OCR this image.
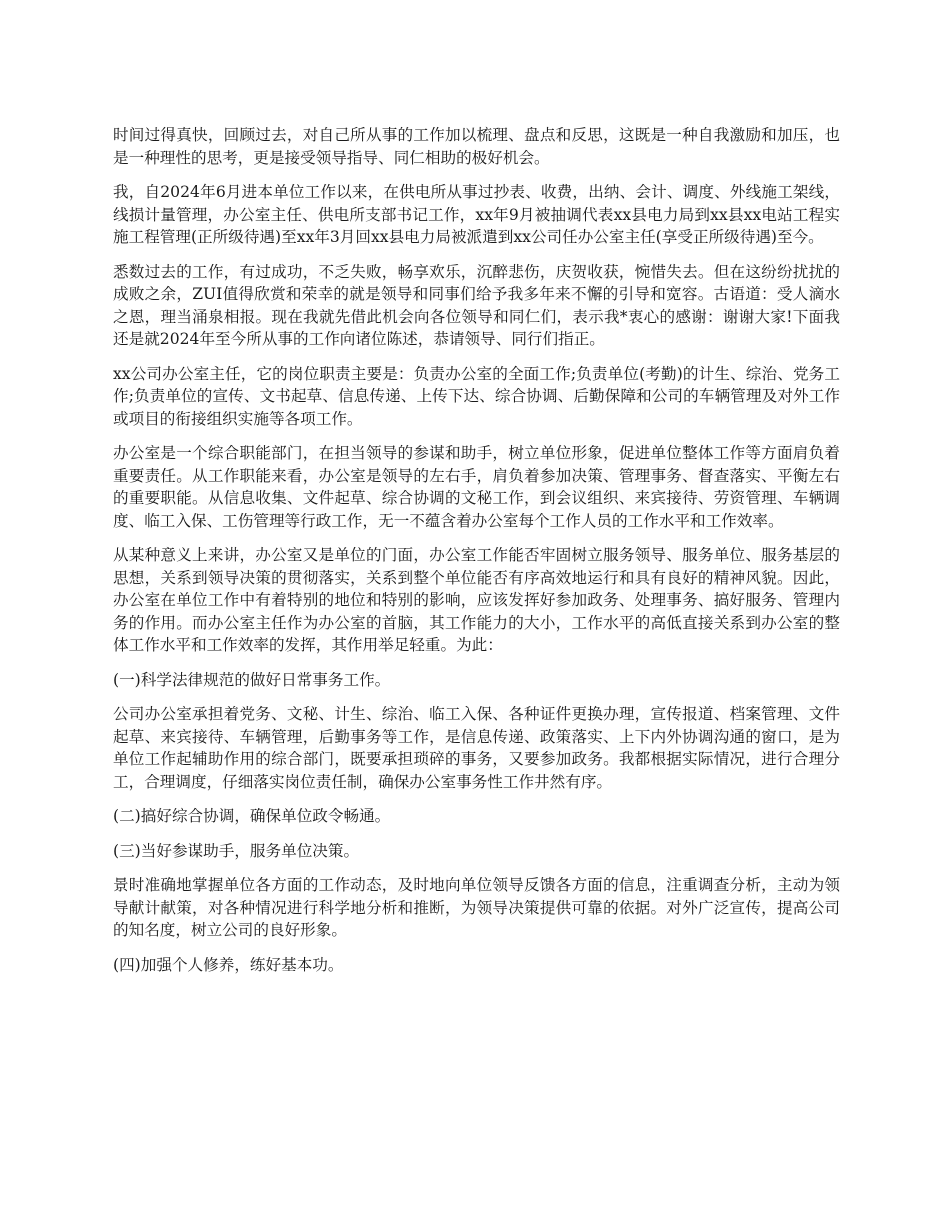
时间过得真快，回顾过去，对自己所从事的工作加以梳理、盘点和反思，这既是一种自我激励和加压，也是一种理性的思考，更是接受领导指导、同仁相助的极好机会。

我，自2024年6月进本单位工作以来，在供电所从事过抄表、收费，出纳、会计、调度、外线施工架线，线损计量管理，办公室主任、供电所支部书记工作，xx年9月被抽调代表xx县电力局到xx县xx电站工程实施工程管理(正所级待遇)至xx年3月回xx县电力局被派遣到xx公司任办公室主任(享受正所级待遇)至今。

悉数过去的工作，有过成功，不乏失败，畅享欢乐，沉醉悲伤，庆贺收获，惋惜失去。但在这纷纷扰扰的成败之余，ZUI值得欣赏和荣幸的就是领导和同事们给予我多年来不懈的引导和宽容。古语道：受人滴水之恩，理当涌泉相报。现在我就先借此机会向各位领导和同仁们，表示我*衷心的感谢：谢谢大家!下面我还是就2024年至今所从事的工作向诸位陈述，恭请领导、同行们指正。

xx公司办公室主任，它的岗位职责主要是：负责办公室的全面工作;负责单位(考勤)的计生、综治、党务工作;负责单位的宣传、文书起草、信息传递、上传下达、综合协调、后勤保障和公司的车辆管理及对外工作或项目的衔接组织实施等各项工作。

办公室是一个综合职能部门，在担当领导的参谋和助手，树立单位形象，促进单位整体工作等方面肩负着重要责任。从工作职能来看，办公室是领导的左右手，肩负着参加决策、管理事务、督查落实、平衡左右的重要职能。从信息收集、文件起草、综合协调的文秘工作，到会议组织、来宾接待、劳资管理、车辆调度、临工入保、工伤管理等行政工作，无一不蕴含着办公室每个工作人员的工作水平和工作效率。

从某种意义上来讲，办公室又是单位的门面，办公室工作能否牢固树立服务领导、服务单位、服务基层的思想，关系到领导决策的贯彻落实，关系到整个单位能否有序高效地运行和具有良好的精神风貌。因此，办公室在单位工作中有着特别的地位和特别的影响，应该发挥好参加政务、处理事务、搞好服务、管理内务的作用。而办公室主任作为办公室的首脑，其工作能力的大小，工作水平的高低直接关系到办公室的整体工作水平和工作效率的发挥，其作用举足轻重。为此：

(一)科学法律规范的做好日常事务工作。

公司办公室承担着党务、文秘、计生、综治、临工入保、各种证件更换办理，宣传报道、档案管理、文件起草、来宾接待、车辆管理，后勤事务等工作，是信息传递、政策落实、上下内外协调沟通的窗口，是为单位工作起辅助作用的综合部门，既要承担琐碎的事务，又要参加政务。我都根据实际情况，进行合理分工，合理调度，仔细落实岗位责任制，确保办公室事务性工作井然有序。

(二)搞好综合协调，确保单位政令畅通。

(三)当好参谋助手，服务单位决策。

景时准确地掌握单位各方面的工作动态，及时地向单位领导反馈各方面的信息，注重调查分析，主动为领导献计献策，对各种情况进行科学地分析和推断，为领导决策提供可靠的依据。对外广泛宣传，提高公司的知名度，树立公司的良好形象。

(四)加强个人修养，练好基本功。
